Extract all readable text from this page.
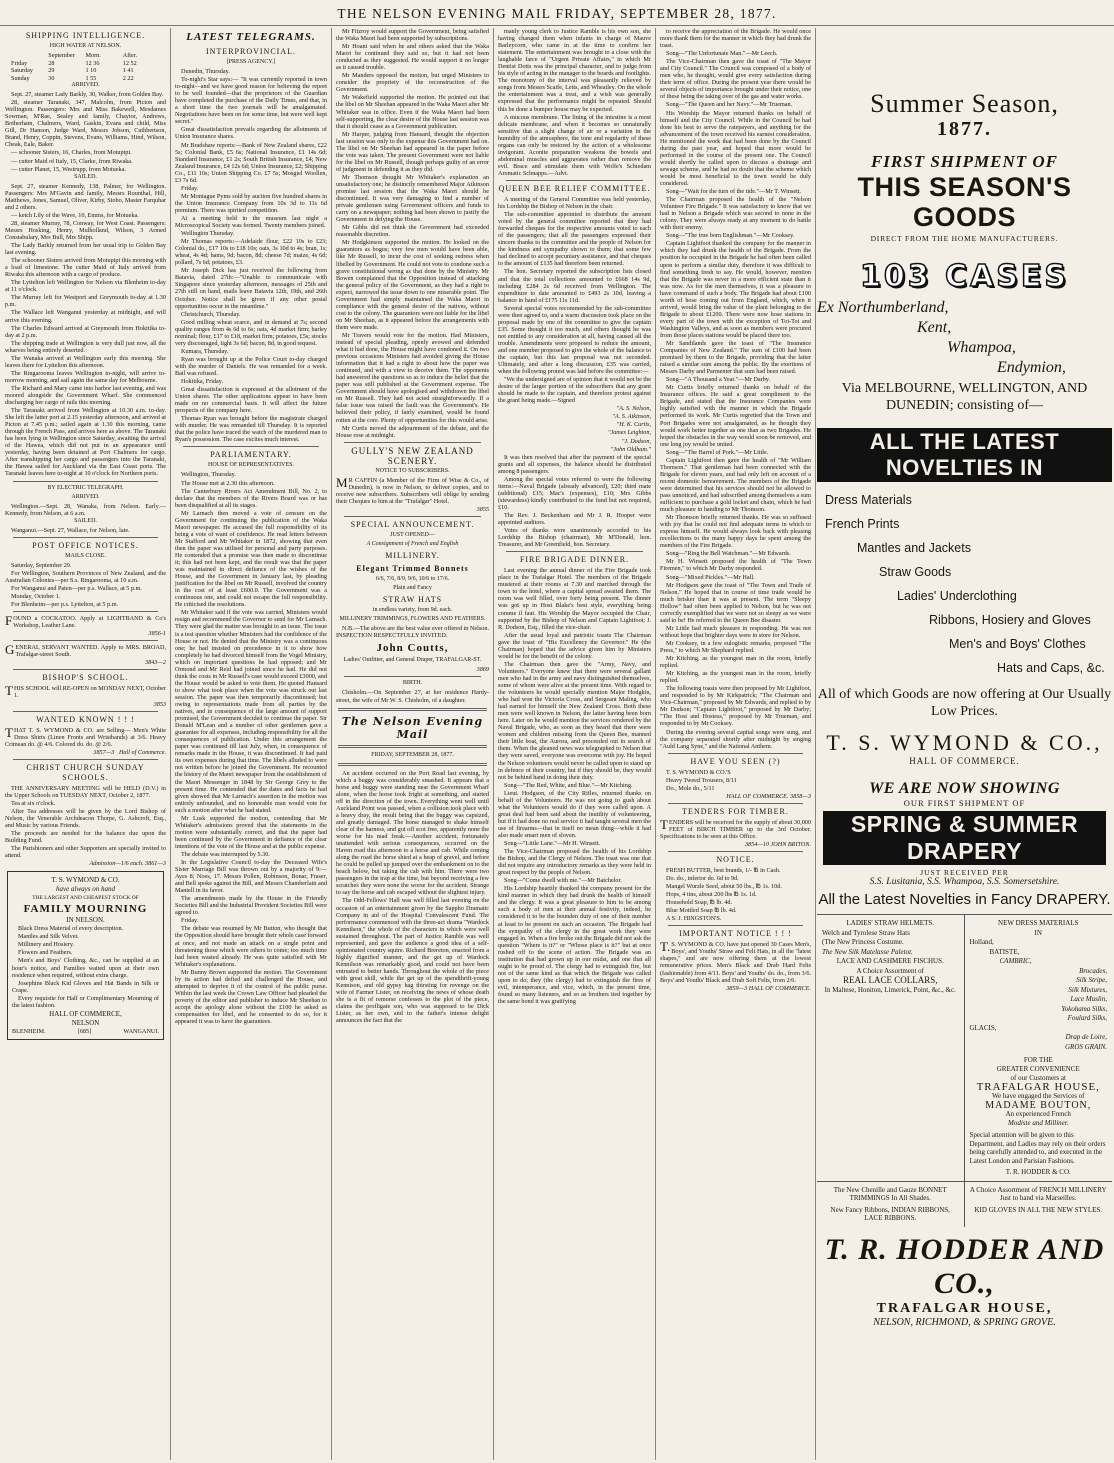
THE NELSON EVENING MAIL FRIDAY, SEPTEMBER 28, 1877.
SHIPPING INTELLIGENCE.
HIGH WATER AT NELSON.
September	Morn.	After.
Friday	28	12 36	12 52
Saturday	29	1 10	1 41
Sunday	30	1 55	2 22
ARRIVED.

Sept. 27, steamer Lady Barkly, 30, Walker, from Golden Bay.

28, steamer Taranaki, 347, Malcolm, from Picton and Wellington. Passengers: Mrs and Miss Bakewell, Mesdames Sowman, M'Rae, Sealey and family, Chaytor, Andrews, Botherham, Chalmers, Ward, Gaskin, Evans and child, Miss Gill, Dr Hanson, Judge Ward, Messrs Jobson, Cuthbertson, Brand, Henry, Coppin, Stevens, Evans, Williams, Hind, Wilson, Cheak, Eale, Baker.

— schooner Sisters, 16, Charles, from Motupipi.

— cutter Maid of Italy, 15, Clarke, from Riwaka.

— cutter Planet, 15, Westrupp, from Motueka.

SAILED.

Sept. 27, steamer Kennedy, 138, Palmer, for Wellington. Passengers: Mrs M'Gavin and family, Messrs Rounthal, Hill, Matthews, Jones, Samuel, Oliver, Kirby, Stobo, Master Farquhar and 2 others.

— ketch Lily of the Wave, 10, Emms, for Motueka.

28, steamer Murray, 78, Conway, for West Coast. Passengers: Messrs Hosking, Henry, Mulholland, Wilson, 3 Armed Constabulary, Mrs Bull, Mrs Shipp.

The Lady Barkly returned from her usual trip to Golden Bay last evening.

The schooner Sisters arrived from Motupipi this morning with a load of limestone. The cutter Maid of Italy arrived from Riwaka this afternoon with a cargo of produce.

The Lyttelton left Wellington for Nelson via Blenheim to-day at 11 o'clock.

The Murray left for Westport and Greymouth to-day at 1.30 p.m.

The Wallace left Wanganui yesterday at midnight, and will arrive this evening.

The Charles Edward arrived at Greymouth from Hokitika to-day at 2 p.m.

The shipping trade at Wellington is very dull just now, all the wharves being entirely deserted.

The Wanaka arrived at Wellington early this morning. She leaves there for Lyttelton this afternoon.

The Ringarooma leaves Wellington to-night, will arrive to-morrow morning, and sail again the same day for Melbourne.

The Richard and Mary came into harbor last evening, and was moored alongside the Government Wharf. She commenced discharging her cargo of rails this morning.

The Taranaki arrived from Wellington at 10.30 a.m. to-day. She left the latter port at 2.15 yesterday afternoon, and arrived at Picton at 7.45 p.m.; sailed again at 1.30 this morning, came through the French Pass, and arrives here as above. The Taranaki has been lying in Wellington since Saturday, awaiting the arrival of the Hawea, which did not put in an appearance until yesterday, having been detained at Port Chalmers for cargo. After transhipping her cargo and passengers into the Taranaki, the Hawea sailed for Auckland via the East Coast ports. The Taranaki leaves here to-night at 10 o'clock for Northern ports.

BY ELECTRIC TELEGRAPH.
ARRIVED.

Wellington.—Sept. 28, Wanaka, from Nelson. Early.—Kennedy, from Nelson, at 6 a.m.

SAILED.

Wanganui.—Sept. 27, Wallace, for Nelson, late.

POST OFFICE NOTICES.
MAILS CLOSE.

Saturday, September 29.

For Wellington, Southern Provinces of New Zealand, and the Australian Colonies—per S.s. Ringarooma, at 10 a.m.

For Wanganui and Paten—per p.s. Wallace, at 5 p.m.

Monday, October 1.

For Blenheim—per p.s. Lyttelton, at 5 p.m.

FOUND a COCKATOO. Apply at LIGHTBAND & Co's Workshop, Leather Lane.

3856-1

GENERAL SERVANT WANTED. Apply to MRS. BROAD, Trafalgar-street South.

3843—2
BISHOP'S SCHOOL.

THIS SCHOOL will RE-OPEN on MONDAY NEXT, October 1.

3853
WANTED KNOWN ! ! !

THAT T. S. WYMOND & CO. are Selling— Men's White Dress Shirts (Linen Fronts and Wristbands) at 3/6. Heavy Crimean do. @ 4/6. Colored do. do. @ 2/6.

3857—3 Hall of Commerce.
CHRIST CHURCH SUNDAY SCHOOLS.

THE ANNIVERSARY MEETING will be HELD (D.V.) in the Upper Schools on TUESDAY NEXT, October 2, 1877.

Tea at six o'clock.

After Tea addresses will be given by the Lord Bishop of Nelson, the Venerable Archdeacon Thorpe, G. Ashcroft, Esq., and Music by various Friends.

The proceeds are needed for the balance due upon the Building Fund.

The Parishioners and other Supporters are specially invited to attend.

Admission—1/6 each. 3861—3
T. S. WYMOND & CO.
have always on hand
THE LARGEST AND CHEAPEST STOCK OF
FAMILY MOURNING
IN NELSON.

Black Dress Material of every description.

Mantles and Silk Velvet.

Millinery and Hosiery.

Flowers and Feathers.

Men's and Boys' Clothing, &c., can be supplied at an hour's notice, and Families waited upon at their own residence when required, without extra charge.

Josephine Black Kid Gloves and Hat Bands in Silk or Crape.

Every requisite for Half or Complimentary Mourning of the latest fashion.

HALL OF COMMERCE,
NELSON
BLENHEIM.	[685]	WANGANUI.
LATEST TELEGRAMS.
INTERPROVINCIAL.
[PRESS AGENCY.]

Dunedin, Thursday.

To-night's Star says:— "It was currently reported in town to-night—and we have good reason for believing the report to be well founded—that the proprietors of the Guardian have completed the purchase of the Daily Times, and that, in a short time the two journals will be amalgamated. Negotiations have been on for some time, but were well kept secret."

Great dissatisfaction prevails regarding the allotments of Union Insurance shares.

Mr Bradshaw reports:—Bank of New Zealand shares, £22 5s; Colonial Bank, £5 6s; National Insurance, £1 14s 6d; Standard Insurance, £1 2s; South British Insurance, £4; New Zealand Insurance, £4 12s 6d; Union Insurance, £2; Shipping Co., £11 10s; Union Shipping Co. £7 5s; Mosgiel Woollen, £3 7s 6d.

Friday.

Mr Montague Pyms sold by auction five hundred shares in the Union Insurance Company from 10s 3d to 11s 6d premium. There was spirited competition.

At a meeting held in the museum last night a Microscopical Society was formed. Twenty members joined.

Wellington Thursday.

Mr Thomas reports:—Adelaide flour, £22 10s to £23; Colonial do., £17 10s to £18 10s; oats, 3s 10d to 4s; bran, 1s; wheat, 4s 4d; hams, 9d; bacon, 8d; cheese 7d; maize, 4s 6d; pollard, 7s 6d; potatoes, £3.

Mr Joseph Dick has just received the following from Batavia, dated 27th:—"Unable to communicate with Singapore since yesterday afternoon, messages of 25th and 27th still on hand, mails leave Batavia 12th, 19th, and 26th October. Notice shall be given if any other postal opportunities occur in the meantime."

Christchurch, Thursday.

Good milling wheat scarce, and in demand at 7s; second quality ranges from 4s 6d to 6s; oats, 4d market firm; barley nominal; flour, £17 to £18, market firm; potatoes, £5s; stocks very discouraged, tight 3s 6d; bacon, 8d, in good request.

Kumara, Thursday.

Ryan was brought up at the Police Court to-day charged with the murder of Daniels. He was remanded for a week. Bail was refused.

Hokitika, Friday.

Great dissatisfaction is expressed at the allotment of the Union shares. The other applications appear to have been made on no commercial basis. It will affect the future prospects of the company here.

Thomas Ryan was brought before the magistrate charged with murder. He was remanded till Thursday. It is reported that the police have traced the watch of the murdered man to Ryan's possession. The case excites much interest.

PARLIAMENTARY.
HOUSE OF REPRESENTATIVES.

Wellington, Thursday.

The House met at 2.30 this afternoon.

The Canterbury Rivers Act Amendment Bill, No. 2, to declare that the members of the Rivers Board was or has been disqualified at all its stages.

Mr Larnach then moved a vote of censure on the Government for continuing the publication of the Waka Maori newspaper. He accused the full responsibility of its being a vote of want of confidence. He read letters between Mr Stafford and Mr Whitaker in 1872, showing that even then the paper was utilised for personal and party purposes. He contended that a promise was then made to discontinue it; this had not been kept, and the result was that the paper was maintained in direct defiance of the wishes of the House, and the Government in January last, by pleading justification for the libel on Mr Russell, involved the country in the cost of at least £600.0. The Government was a continuous one, and could not escape the full responsibility. He criticised the resolutions.

Mr Whitaker said if the vote was carried, Ministers would resign and recommend the Governor to send for Mr Larnach. They were glad the matter was brought to an issue. The issue is a test question whether Ministers had the confidence of the House or not. He denied that the Ministry was a continuous one; he had insisted on precedence in it to show how completely he had divorced himself from the Vogel Ministry, which on important questions he had opposed; and Mr Ormond and Mr Reid had joined since he had. He did not think the costs in Mr Russell's case would exceed £3000, and the House would be asked to vote them. He quoted Hansard to show what took place when the vote was struck out last session. The paper was then temporarily discontinued; but owing to representations made from all parties by the natives, and in consequence of the large amount of support promised, the Government decided to continue the paper. Sir Donald M'Lean and a number of other gentlemen gave a guarantee for all expenses, including responsibility for all the consequences of publication. Under this arrangement the paper was continued till last July, when, in consequence of remarks made in the House, it was discontinued. It had paid its own expenses during that time. The libels alluded to were not written before he joined the Government. He recounted the history of the Maori newspaper from the establishment of the Maori Messenger in 1848 by Sir George Grey to the present time. He contended that the dates and facts he had given showed that Mr Larnach's assertion in the motion was entirely unfounded, and no honorable man would vote for such a motion after what he had stated.

Mr Lusk supported the motion, contending that Mr Whitaker's admissions proved that the statements in the motion were substantially correct, and that the paper had been continued by the Government in defiance of the clear intentions of the vote of the House and at the public expense.

The debate was interrupted by 5.30.

In the Legislative Council to-day the Deceased Wife's Sister Marriage Bill was thrown out by a majority of 9:—Ayes 8; Noes, 17. Messrs Pollen, Robinson, Bonar, Fraser, and Bell spoke against the Bill, and Messrs Chamberlain and Mantell in its favor.

The amendments made by the House in the Friendly Societies Bill and the Industrial Provident Societies Bill were agreed to.

Friday.

The debate was resumed by Mr Button, who thought that the Opposition should have brought their whole case forward at once, and not made an attack on a single point and threatening those which were others to come; too much time had been wasted already. He was quite satisfied with Mr Whitaker's explanations.

Mr Bunny Brown supported the motion. The Government by its action had defied and challenged the House, and attempted to deprive it of the control of the public purse. Within the last week the Crown Law Officer had pleaded the poverty of the editor and publisher to induce Mr Sheehan to accept the apology alone without the £100 he asked as compensation for libel, and he consented to do so, for it appeared it was to have the guarantees.

Mr Fitzroy would support the Government, being satisfied the Waka Maori had been supported by subscriptions.

Mr Hoani said when he and others asked that the Waka Maori be continued they said so, but it had not been conducted as they suggested. He would support it no longer as it caused trouble.

Mr Manders opposed the motion, but urged Ministers to consider the propriety of the reconstruction of the Government.

Mr Wakefield supported the motion. He pointed out that the libel on Mr Sheehan appeared in the Waka Maori after Mr Whitaker was in office. Even if the Waka Maori had been self-supporting, the clear desire of the House last session was that it should cease as a Government publication.

Mr Harper, judging from Hansard, thought the objection last session was only to the expense this Government had on. The libel on Mr Sheehan had appeared in the paper before the vote was taken. The present Government were not liable for the libel on Mr Russell, though perhaps guilty of an error of judgment in defending it as they did.

Mr Thomson thought Mr Whitaker's explanation an unsatisfactory one; he distinctly remembered Major Atkinson promise last session that the Waka Maori should be discontinued. It was very damaging to find a number of private gentlemen using Government officers and funds to carry on a newspaper; nothing had been shown to justify the Government in defying the House.

Mr Gibbs did not think the Government had exceeded reasonable discretion.

Mr Hodgkinson supported the motion. He looked on the guarantors as bogus; very few men would have been able, like Mr Russell, to incur the cost of seeking redress when libelled by Government. He could not vote to condone such a grave constitutional wrong as that done by the Ministry. Mr Bowen complained that the Opposition instead of attacking the general policy of the Government, as they had a right to expect, narrowed the issue down to one miserable point. The Government had simply maintained the Waka Maori in compliance with the general desire of the natives, without cost to the colony. The guarantors were not liable for the libel on Mr Sheehan, as it appeared before the arrangements with them were made.

Mr Travers would vote for the motion. Had Ministers, instead of special pleading, openly avowed and defended what it had done, the House might have condoned it. On two previous occasions Ministers had avoided giving the House information that it had a right to about how the paper was continued, and with a view to deceive them. The opponents had answered the questions so as to induce the belief that the paper was still published at the Government expense. The Government should have apologised and withdrawn the libel on Mr Russell. They had not acted straightforwardly. If a false issue was raised the fault was the Government's. He believed their policy, if fairly examined, would be found rotten at the core. Plenty of opportunities for this would arise.

Mr Curtis moved the adjournment of the debate, and the House rose at midnight.

GULLY'S NEW ZEALAND SCENERY.
NOTICE TO SUBSCRIBERS.

MR CAFFIN (a Member of the Firm of Wise & Co., of Dunedin), is now in Nelson, to deliver copies, and to receive new subscribers. Subscribers will oblige by sending their Cheques to him at the "Trafalgar" Hotel.

3855
SPECIAL ANNOUNCEMENT.
JUST OPENED—
A Consignment of French and English
MILLINERY.
Elegant Trimmed Bonnets
6/6, 7/6, 8/9, 9/6, 10/6 to 17/6.
Plain and Fancy
STRAW HATS
in endless variety, from 9d. each.
MILLINERY TRIMMINGS, FLOWERS AND FEATHERS.

N.B.—The above are the best value ever offered in Nelson. INSPECTION RESPECTFULLY INVITED.

John Coutts,
Ladies' Outfitter, and General Draper, TRAFALGAR-ST.
3869
BIRTH.

Chisholm.—On September 27, at her residence Hardy-street, the wife of Mr W. S. Chisholm, of a daughter.

The Nelson Evening Mail
FRIDAY, SEPTEMBER 28, 1877.

An accident occurred on the Port Road last evening, by which a buggy was considerably smashed. It appears that a horse and buggy were standing near the Government Wharf alone, when the horse took fright at something, and started off in the direction of the town. Everything went well until Auckland Point was passed, when a collision took place with a heavy dray, the result being that the buggy was capsized, and greatly damaged. The horse managed to shake himself clear of the harness, and got off scot free, apparently none the worse for his mad freak.—Another accident, fortunately unattended with serious consequences, occurred on the Haven road this afternoon to a horse and cab. While coming along the road the horse shied at a heap of gravel, and before he could be pulled up jumped over the embankment on to the beach below, but taking the cab with him. There were two passengers in the trap at the time, but beyond receiving a few scratches they were none the worse for the accident. Strange to say the horse and cab escaped without the slightest injury.

The Odd-Fellows' Hall was well filled last evening on the occasion of an entertainment given by the Sappho Dramatic Company in aid of the Hospital Convalescent Fund. The performance commenced with the three-act drama "Wardock Kennilson," the whole of the characters in which were well sustained throughout. The part of Justice Ramble was well represented, and gave the audience a good idea of a self-opinionated country squire. Richard Brereton, enacted from a highly dignified manner, and the get up of Wardock Kennilson was remarkably good, and could not have been entrusted to better hands. Throughout the whole of the piece with great skill, while the get up of the spendthrift-young Kennison, and old gypsy hag thirsting for revenge on the wife of Farmer Lister, on receiving the news of whose death she is a fit of remorse confesses to the plot of the piece, claims the profligate son, who was supposed to be Dick Lister, as her own, and to the father's intense delight announces the fact that the

manly young clerk to Justice Ramble is his own son, she having changed them when infants in charge of Mauve Barleycorn, who came in at the time to confirm her statement. The entertainment was brought to a close with the laughable farce of "Urgent Private Affairs," in which Mr Dentist Dotts was the principal character, and to judge from his style of acting in the manager to the boards and footlights. The monotony of the interval was pleasantly relieved by songs from Messrs Scaife, Letts, and Wheatley. On the whole the entertainment was a treat, and a wish was generally expressed that the performance might be repeated. Should this be done a bumper house may be expected.

A mucous membrane. The lining of the intestine is a most delicate membrane, and when it becomes so unnaturally sensitive that a slight change of air or a variation in the humidity of the atmosphere, the tone and regularity of these organs can only be restored by the action of a wholesome invigorant. Aconite preparation weakens the bowels and abdominal muscles and aggravates rather than remove the evil. Brace and stimulate them with Wolfe's Schiedam Aromatic Schnapps.—Advt.

QUEEN BEE RELIEF COMMITTEE.

A meeting of the General Committee was held yesterday, his Lordship the Bishop of Nelson in the chair.

The sub-committee appointed to distribute the amount voted by the general committee reported that they had forwarded cheques for the respective amounts voted to each of the passengers; that all the passengers expressed their sincere thanks to the committee and the people of Nelson for the kindness and sympathy shown to them; that some few had declined to accept pecuniary assistance, and that cheques to the amount of £135 had therefore been returned.

The hon. Secretary reported the subscription lists closed and that the total collections amounted to £668 14s 9d, including £284 2s 6d received from Wellington. The expenditure to date amounted to £493 2s 10d, leaving a balance in hand of £175 11s 11d.

Several special votes recommended by the sub-committee were then agreed to, and a warm discussion took place on the proposal made by one of the committee to give the captain £35. Some thought it too much, and others thought he was not entitled to any consideration at all, having caused all the trouble. Amendments were proposed to reduce the amount, and one member proposed to give the whole of the balance to the captain, but this last proposal was not seconded. Ultimately, and after a long discussion, £35 was carried, when the following protest was laid before the committee:—

"We the undersigned are of opinion that it would not be the desire of the larger portion of the subscribers that any grant should be made to the captain, and therefore protest against the grant being made.—Signed

"A. S. Nelson,

"A. S. Atkinson,

"H. K. Curtis,

"James Leighton,

"J. Dodson,

"John Oldham."

It was then resolved that after the payment of the special grants and all expenses, the balance should be distributed among 8 passengers.

Among the special votes referred to were the following items:—Naval Brigade (already advanced), £20; third mate (additional) £15; Mac's (expenses), £10; Mrs Gibbs (stewardess) kindly contributed to the fund but not required, £10.

The Rev. J. Beckenham and Mr J. R. Hooper were appointed auditors.

Votes of thanks were unanimously accorded to his Lordship the Bishop (chairman), Mr M'Donald, hon. Treasurer, and Mr Greenfield, hon. Secretary.

FIRE BRIGADE DINNER.

Last evening the annual dinner of the Fire Brigade took place in the Trafalgar Hotel. The members of the Brigade mustered at their rooms at 7.30 and marched through the town to the hotel, where a capital spread awaited them. The room was well filled, over forty being present. The dinner was got up in Host Blake's best style, everything being comme il faut. His Worship the Mayor occupied the Chair, supported by the Bishop of Nelson and Captain Lightfoot; J. R. Dodson, Esq., filled the vice-chair.

After the usual loyal and patriotic toasts The Chairman gave the toast of "His Excellency the Governor." He (the Chairman) hoped that the advice given him by Ministers would be for the benefit of the colony.

The Chairman then gave the "Army, Navy, and Volunteers." Everyone knew that there were several gallant men who had in the army and navy distinguished themselves, some of whom were alive at the present time. With regard to the volunteers he would specially mention Major Hodgkin, who had won the Victoria Cross, and Sergeant Maling, who had earned for himself the New Zealand Cross. Both these men were well known in Nelson, the latter having been born here. Later on he would mention the services rendered by the Naval Brigade, who, as soon as they heard that there were women and children missing from the Queen Bee, manned their little boat, the Aurora, and proceeded out in search of them. When the gleaned news was telegraphed to Nelson that they were saved, everyone was overcome with joy. He hoped the Nelson volunteers would never be called upon to stand up in defence of their country, but if they should be, they would not be behind hand in doing their duty.

Song—"The Red, White, and Blue."—Mr Kitching.

Lieut. Hodgson, of the City Rifles, returned thanks on behalf of the Volunteers. He was not going to gush about what the Volunteers would do if they were called upon. A great deal had been said about the inutility of volunteering, but if it had done no real service it had taught several men the use of firearms—that in itself no mean thing—while it had also made smart men of sloven.

Song—"Little Lane."—Mr H. Winsett.

The Vice-Chairman proposed the health of his Lordship the Bishop, and the Clergy of Nelson. The toast was one that did not require any introductory remarks as they were held in great respect by the people of Nelson.

Song—"Come dwell with me."—Mr Batchelor.

His Lordship heartily thanked the company present for the kind manner in which they had drunk the health of himself and the clergy. It was a great pleasure to him to be among such a body of men at their annual festivity, indeed, he considered it to be the bounden duty of one of their number at least to be present on such an occasion. The Brigade had the sympathy of the clergy in the great work they were engaged in. When a fire broke out the Brigade did not ask the question "Where is it?" or "Whose place is it?" but at once rushed off to the scene of action. The Brigade was an institution that had grown up in our midst, and one that all ought to be proud of. The clergy had to extinguish fire, but not of the same kind as that which the Brigade was called upon to do; they (the clergy) had to extinguish the fires of evil, intemperance, and vice, which, in the present time, found so many listeners, and so as brothers tied together by the same bond it was gratifying

to receive the appreciation of the Brigade. He would once more thank them for the manner in which they had drunk the toast.

Song—"The Unfortunate Man."—Mr Leech.

The Vice-Chairman then gave the toast of "The Mayor and City Council." The Council was composed of a body of men who, he thought, would give every satisfaction during their term of office. During the present year there would be several objects of importance brought under their notice, one of these being the taking over of the gas and water works.

Song—"The Queen and her Navy."—Mr Trueman.

His Worship the Mayor returned thanks on behalf of himself and the City Council. While in the Council he had done his best to serve the ratepayers, and anything for the advancement of the town received his earnest consideration. He mentioned the work that had been done by the Council during the past year, and hoped that more would be performed in the course of the present one. The Council would shortly be called upon to discuss a drainage and sewage scheme, and he had no doubt that the scheme which would be most beneficial to the town would be duly considered.

Song—"Wait for the turn of the tide."—Mr T. Winsett.

The Chairman proposed the health of the "Nelson Volunteer Fire Brigade." It was satisfactory to know that we had in Nelson a Brigade which was second to none in the colony. They were always ready at any moment to do battle with their enemy.

Song—"The true born Englishman."—Mr Cooksey.

Captain Lightfoot thanked the company for the manner in which they had drunk the health of the Brigade. From the position he occupied in the Brigade he had often been called upon to perform a similar duty, therefore it was difficult to find something fresh to say. He would, however, mention that the Brigade was never in a more efficient state than it was now. As for the men themselves, it was a pleasure to have command of such a body. The Brigade had about £100 worth of hose coming out from England, which, when it arrived, would bring the value of the plant belonging to the Brigade to about £1200. There were now hose stations in every part of the town with the exception of Toi-Toi and Washington Valleys, and as soon as members were procured from those places stations would be placed there too.

Mr Sandilands gave the toast of "The Insurance Companies of New Zealand." The sum of £100 had been promised by them to the Brigade, providing that the latter raised a similar sum among the public. By the exertions of Messrs Darby and Parmenter that sum had been raised.

Song—"A Thousand a Year."—Mr Darby.

Mr Curtis briefly returned thanks on behalf of the Insurance offices. He said a great compliment to the Brigade, and stated that the Insurance Companies were highly satisfied with the manner in which the Brigade performed its work. Mr Curtis regretted that the Town and Port Brigades were not amalgamated, as he thought they would work better together as one than as two Brigades. He hoped the obstacles in the way would soon be removed, and one long joy would be united.

Song—"The Barrel of Pork."—Mr Little.

Captain Lightfoot then gave the health of "Mr William Thomson." That gentleman had been connected with the Brigade for eleven years, and had only left on account of a recent domestic bereavement. The members of the Brigade were determined that his services should not be allowed to pass unnoticed, and had subscribed among themselves a sum sufficient to purchase a gold locket and chain, which he had much pleasure in handing to Mr Thomson.

Mr Thomson briefly returned thanks. He was so suffused with joy that he could not find adequate terms in which to express himself. He would always look back with pleasing recollections to the many happy days he spent among the members of the Fire Brigade.

Song—"Ring the Bell Watchman."—Mr Edwards.

Mr H. Winsett proposed the health of "The Town Firemen," to which Mr Darby responded.

Song—"Mixed Pickles."—Mr Hall.

Mr Hodgson gave the toast of "The Town and Trade of Nelson." He hoped that in course of time trade would be much brisker than it was at present. The term "Sleepy Hollow" had often been applied to Nelson, but he was not correctly exemplified that we were not so sleepy as we were said to be! He referred to the Queen Bee disaster.

Mr Little had much pleasure in responding. He was not without hope that brighter days were in store for Nelson.

Mr Cooksey, in a few eulogistic remarks, proposed "The Press," to which Mr Shephard replied.

Mr Kitching, as the youngest man in the room, briefly replied.

Mr Kitching, as the youngest man in the room, briefly replied.

The following toasts were then proposed by Mr Lightfoot, and responded to by Mr Kirkpatrick; "The Chairman and Vice-Chairman," proposed by Mr Edwards, and replied to by Mr Dodson; "Captain Lightfoot," proposed by Mr Darby; "The Host and Hostess," proposed by Mr Trueman, and responded to by Mr Cooksey.

During the evening several capital songs were sung, and the company separated shortly after midnight by singing "Auld Lang Syne," and the National Anthem.

HAVE YOU SEEN (?)

T. S. WYMOND & CO.'S

Heavy Tweed Trousers, 8/11

Do., Mole do., 5/11

HALL OF COMMERCE. 3858—3
TENDERS FOR TIMBER.

TENDERS will be received for the supply of about 30,000 FEET of BIRCH TIMBER up to the 3rd October. Specifications to be seen at this Office.

3854—10 JOHN BRITON.
NOTICE.

FRESH BUTTER, best brands, 1/- ℔ in Cash.

Do. do., inferior do. 6d to 9d.

Mangel Wurzle Seed, about 50 lbs., ℔ 1s. 10d.

Hops, 4 tins, about 200 lbs ℔ 1s. 1d.

Household Soap, ℔ lb. 4d.

Blue Mottled Soap ℔ lb. 4d.

A S. J. HINGSTON'S.

IMPORTANT NOTICE ! ! !

T.S. WYMOND & CO. have just opened 30 Cases Men's, Boys', and Youths' Straw and Felt Hats, in all the "latest shapes," and are now offering them at the lowest remunerative prices. Men's Black and Drab Hard Felts (fashionable) from 4/11. Boys' and Youths' do. do., from 3/6. Boys' and Youths' Black and Drab Soft Felts, from 2/6.

3859—3 HALL OF COMMERCE.
Summer Season,
1877.
FIRST SHIPMENT OF
THIS SEASON'S GOODS
DIRECT FROM THE HOME MANUFACTURERS.
103 CASES
Ex Northumberland,
Kent,
Whampoa,
Endymion,
Via MELBOURNE, WELLINGTON, AND DUNEDIN; consisting of—
ALL THE LATEST NOVELTIES IN
Dress Materials
French Prints
Mantles and Jackets
Straw Goods
Ladies' Underclothing
Ribbons, Hosiery and Gloves
Men's and Boys' Clothes
Hats and Caps, &c.
All of which Goods are now offering at Our Usually Low Prices.
T. S. WYMOND & CO.,
HALL OF COMMERCE.
WE ARE NOW SHOWING
OUR FIRST SHIPMENT OF
SPRING & SUMMER DRAPERY
JUST RECEIVED PER
S.S. Lusitania, S.S. Whampoa, S.S. Somersetshire.
All the Latest Novelties in Fancy DRAPERY.
LADIES' STRAW HELMETS.
Welch and Tyrolese Straw Hats
(The New Princess Costume.
The New Silk Matelasse Paletot.
LACE AND CASHMERE FISCHUS.
A Choice Assortment of
REAL LACE COLLARS,
In Maltese, Honiton, Limerick, Point, &c., &c.
NEW DRESS MATERIALS
IN
Holland,
BATISTE,
CAMBRIC,
Brocades,
Silk Stripe,
Silk Mixtures,
Lace Muslin,
Yokohama Silks,
Foulard Silks,
GLACIS,
Drap de Loire,
GROS GRAIN.
FOR THE
GREATER CONVENIENCE
of our Customers at
TRAFALGAR HOUSE,
We have engaged the Services of
MADAME BOUTON,
An experienced French
Modiste and Milliner.
Special attention will be given to this Department, and Ladies may rely on their orders being carefully attended to, and executed in the Latest London and Parisian Fashions.
T. R. HODDER & CO.
The New Chenille and Gauze BONNET TRIMMINGS In All Shades.
New Fancy Ribbons, INDIAN RIBBONS, LACE RIBBONS.
A Choice Assortment of FRENCH MILLINERY Just to hand via Marseilles.
KID GLOVES IN ALL THE NEW STYLES.
T. R. HODDER AND CO.,
TRAFALGAR HOUSE,
NELSON, RICHMOND, & SPRING GROVE.
